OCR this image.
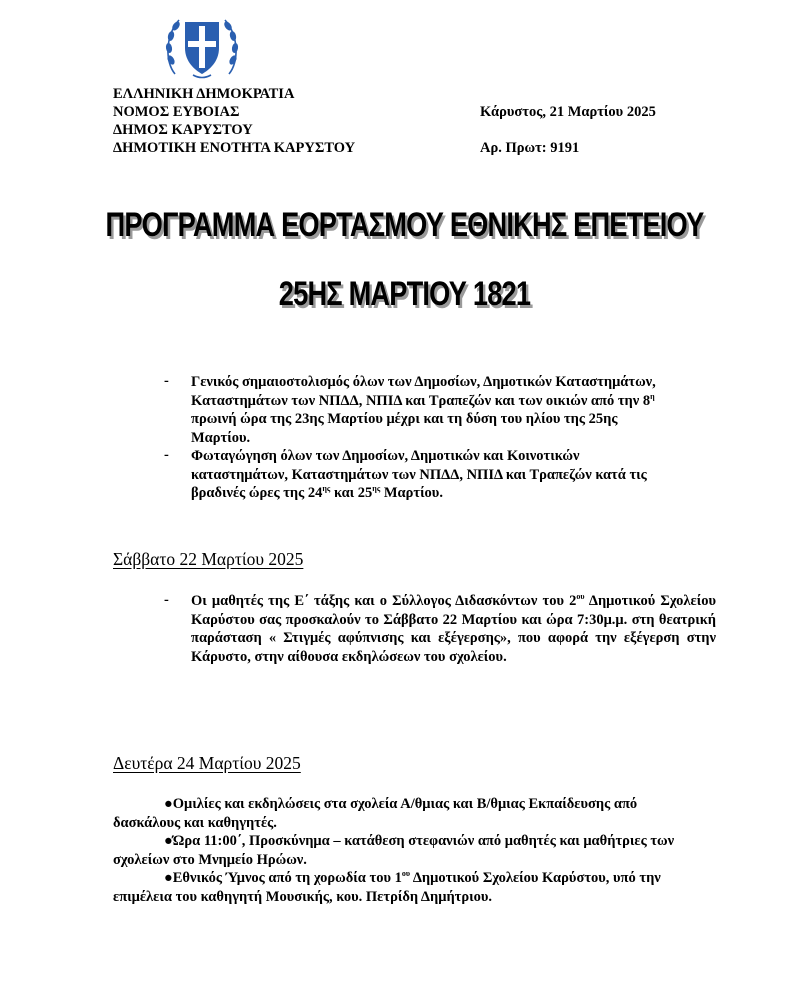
ΕΛΛΗΝΙΚΗ ΔΗΜΟΚΡΑΤΙΑ
ΝΟΜΟΣ ΕΥΒΟΙΑΣ
ΔΗΜΟΣ ΚΑΡΥΣΤΟΥ
ΔΗΜΟΤΙΚΗ ΕΝΟΤΗΤΑ ΚΑΡΥΣΤΟΥ
Κάρυστος, 21 Μαρτίου 2025
Αρ. Πρωτ: 9191
ΠΡΟΓΡΑΜΜΑ ΕΟΡΤΑΣΜΟΥ ΕΘΝΙΚΗΣ ΕΠΕΤΕΙΟΥ
25ΗΣ ΜΑΡΤΙΟΥ 1821
- Γενικός σημαιοστολισμός όλων των Δημοσίων, Δημοτικών Καταστημάτων,
Καταστημάτων των ΝΠΔΔ, ΝΠΙΔ και Τραπεζών και των οικιών από την $8^\eta$
πρωινή ώρα της 23ης Μαρτίου μέχρι και τη δύση του ηλίου της 25ης
Μαρτίου.
- Φωταγώγηση όλων των Δημοσίων, Δημοτικών και Κοινοτικών
καταστημάτων, Καταστημάτων των ΝΠΔΔ, ΝΠΙΔ και Τραπεζών κατά τις
βραδινές ώρες της $24^{\eta\varsigma}$ και $25^{\eta\varsigma}$ Μαρτίου.
Σάββατο 22 Μαρτίου 2025
- Οι μαθητές της Ε΄ τάξης και ο Σύλλογος Διδασκόντων του $2^{o\upsilon}$ Δημοτικού Σχολείου Καρύστου σας προσκαλούν το Σάββατο 22 Μαρτίου και ώρα 7:30μ.μ. στη θεατρική παράσταση « Στιγμές αφύπνισης και εξέγερσης», που αφορά την εξέγερση στην Κάρυστο, στην αίθουσα εκδηλώσεων του σχολείου.
Δευτέρα 24 Μαρτίου 2025
●Ομιλίες και εκδηλώσεις στα σχολεία Α/θμιας και Β/θμιας Εκπαίδευσης από δασκάλους και καθηγητές.
●Ώρα 11:00΄, Προσκύνημα – κατάθεση στεφανιών από μαθητές και μαθήτριες των σχολείων στο Μνημείο Ηρώων.
●Εθνικός Ύμνος από τη χορωδία του $1^{o\upsilon}$ Δημοτικού Σχολείου Καρύστου, υπό την επιμέλεια του καθηγητή Μουσικής, κου. Πετρίδη Δημήτριου.
